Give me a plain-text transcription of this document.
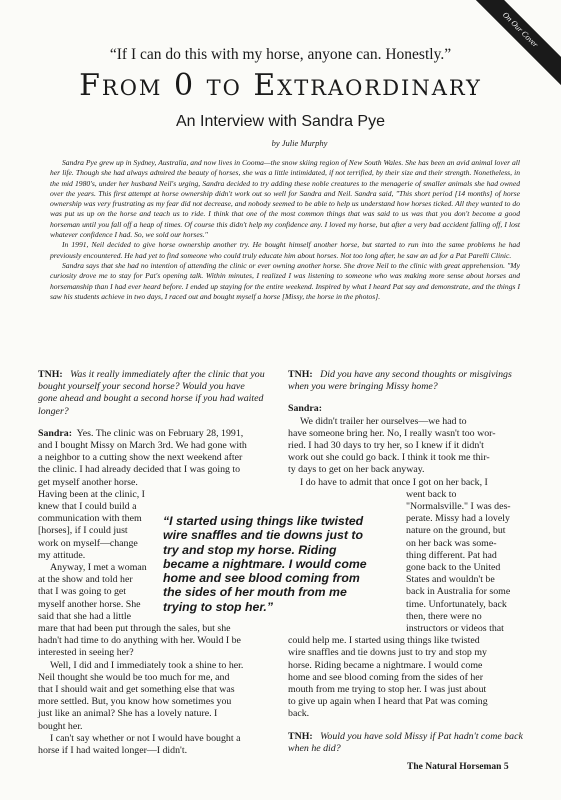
On Our Cover
“If I can do this with my horse, anyone can. Honestly.”
From 0 to Extraordinary
An Interview with Sandra Pye
by Julie Murphy

Sandra Pye grew up in Sydney, Australia, and now lives in Cooma—the snow skiing region of New South Wales. She has been an avid animal lover all her life. Though she had always admired the beauty of horses, she was a little intimidated, if not terrified, by their size and their strength. Nonetheless, in the mid 1980's, under her husband Neil's urging, Sandra decided to try adding these noble creatures to the menagerie of smaller animals she had owned over the years. This first attempt at horse ownership didn't work out so well for Sandra and Neil. Sandra said, "This short period [14 months] of horse ownership was very frustrating as my fear did not decrease, and nobody seemed to be able to help us understand how horses ticked. All they wanted to do was put us up on the horse and teach us to ride. I think that one of the most common things that was said to us was that you don't become a good horseman until you fall off a heap of times. Of course this didn't help my confidence any. I loved my horse, but after a very bad accident falling off, I lost whatever confidence I had. So, we sold our horses."

In 1991, Neil decided to give horse ownership another try. He bought himself another horse, but started to run into the same problems he had previously encountered. He had yet to find someone who could truly educate him about horses. Not too long after, he saw an ad for a Pat Parelli Clinic.

Sandra says that she had no intention of attending the clinic or ever owning another horse. She drove Neil to the clinic with great apprehension. "My curiosity drove me to stay for Pat's opening talk. Within minutes, I realized I was listening to someone who was making more sense about horses and horsemanship than I had ever heard before. I ended up staying for the entire weekend. Inspired by what I heard Pat say and demonstrate, and the things I saw his students achieve in two days, I raced out and bought myself a horse [Missy, the horse in the photos].

TNH: Was it really immediately after the clinic that you bought yourself your second horse? Would you have gone ahead and bought a second horse if you had waited longer?

Sandra: Yes. The clinic was on February 28, 1991,
and I bought Missy on March 3rd. We had gone with
a neighbor to a cutting show the next weekend after
the clinic. I had already decided that I was going to
get myself another horse.
Having been at the clinic, I
knew that I could build a
communication with them
[horses], if I could just
work on myself—change
my attitude.

Anyway, I met a woman
at the show and told her
that I was going to get
myself another horse. She
said that she had a little
mare that had been put through the sales, but she
hadn't had time to do anything with her. Would I be
interested in seeing her?

Well, I did and I immediately took a shine to her.
Neil thought she would be too much for me, and
that I should wait and get something else that was
more settled. But, you know how sometimes you
just like an animal? She has a lovely nature. I
bought her.

I can't say whether or not I would have bought a
horse if I had waited longer—I didn't.

TNH: Did you have any second thoughts or misgivings when you were bringing Missy home?

Sandra:
We didn't trailer her ourselves—we had to
have someone bring her. No, I really wasn't too wor-
ried. I had 30 days to try her, so I knew if it didn't
work out she could go back. I think it took me thir-
ty days to get on her back anyway.

I do have to admit that once I got on her back, I
went back to
"Normalsville." I was des-
perate. Missy had a lovely
nature on the ground, but
on her back was some-
thing different. Pat had
gone back to the United
States and wouldn't be
back in Australia for some
time. Unfortunately, back
then, there were no
instructors or videos that
could help me. I started using things like twisted
wire snaffles and tie downs just to try and stop my
horse. Riding became a nightmare. I would come
home and see blood coming from the sides of her
mouth from me trying to stop her. I was just about
to give up again when I heard that Pat was coming
back.

TNH: Would you have sold Missy if Pat hadn't come back when he did?

“I started using things like twisted wire snaffles and tie downs just to try and stop my horse. Riding became a nightmare. I would come home and see blood coming from the sides of her mouth from me trying to stop her.”
The Natural Horseman 5
